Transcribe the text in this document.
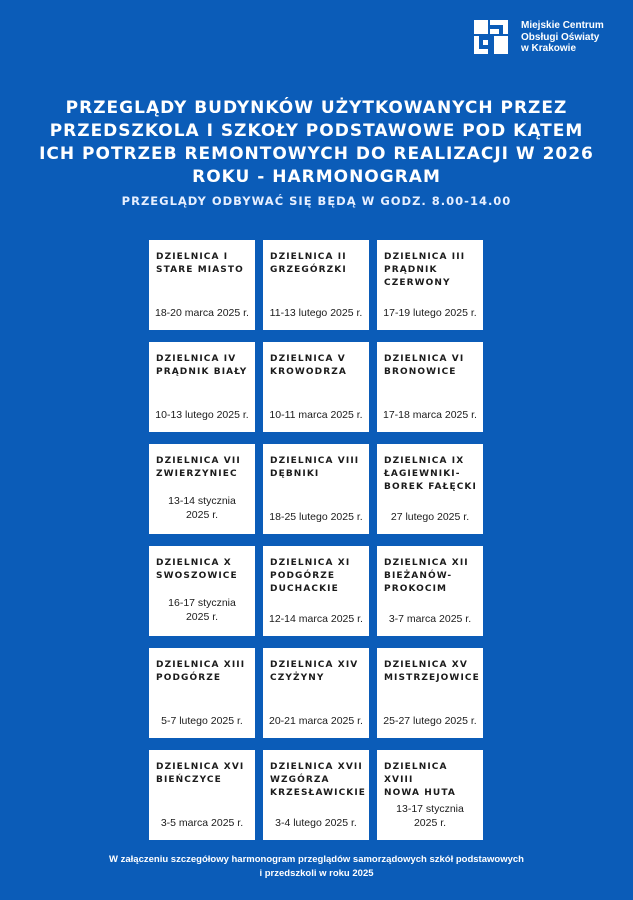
Miejskie Centrum
Obsługi Oświaty
w Krakowie
PRZEGLĄDY BUDYNKÓW UŻYTKOWANYCH PRZEZ
PRZEDSZKOLA I SZKOŁY PODSTAWOWE POD KĄTEM
ICH POTRZEB REMONTOWYCH DO REALIZACJI W 2026
ROKU - HARMONOGRAM
PRZEGLĄDY ODBYWAĆ SIĘ BĘDĄ W GODZ. 8.00-14.00
DZIELNICA I
STARE MIASTO
18-20 marca 2025 r.
DZIELNICA II
GRZEGÓRZKI
11-13 lutego 2025 r.
DZIELNICA III
PRĄDNIK
CZERWONY
17-19 lutego 2025 r.
DZIELNICA IV
PRĄDNIK BIAŁY
10-13 lutego 2025 r.
DZIELNICA V
KROWODRZA
10-11 marca 2025 r.
DZIELNICA VI
BRONOWICE
17-18 marca 2025 r.
DZIELNICA VII
ZWIERZYNIEC
13-14 stycznia
2025 r.
DZIELNICA VIII
DĘBNIKI
18-25 lutego 2025 r.
DZIELNICA IX
ŁAGIEWNIKI-
BOREK FAŁĘCKI
27 lutego 2025 r.
DZIELNICA X
SWOSZOWICE
16-17 stycznia
2025 r.
DZIELNICA XI
PODGÓRZE
DUCHACKIE
12-14 marca 2025 r.
DZIELNICA XII
BIEŻANÓW-
PROKOCIM
3-7 marca 2025 r.
DZIELNICA XIII
PODGÓRZE
5-7 lutego 2025 r.
DZIELNICA XIV
CZYŻYNY
20-21 marca 2025 r.
DZIELNICA XV
MISTRZEJOWICE
25-27 lutego 2025 r.
DZIELNICA XVI
BIEŃCZYCE
3-5 marca 2025 r.
DZIELNICA XVII
WZGÓRZA
KRZESŁAWICKIE
3-4 lutego 2025 r.
DZIELNICA XVIII
NOWA HUTA
13-17 stycznia
2025 r.
W załączeniu szczegółowy harmonogram przeglądów samorządowych szkół podstawowych
i przedszkoli w roku 2025
